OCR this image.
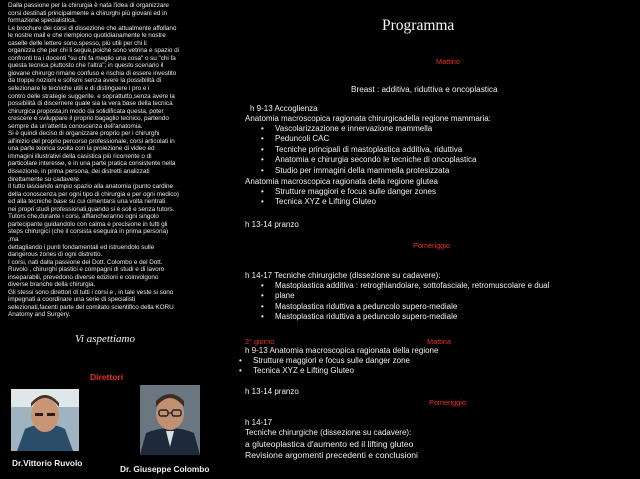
Dalla passione per la chirurgia è nata l'idea di organizzare
corsi destinati principalmente a chirurghi più giovani ed in
formazione specialistica.
Le brochure dei corsi di dissezione che attualmente affollano
le nostre mail e che riempiono quotidianamente le nostre
caselle delle lettere sono,spesso, più utili per chi li
organizza che per chi li segue,poichè sono vetrina e spazio di
confronti tra i docenti "su chi fa meglio una cosa" o su "chi fa
questa tecnica piuttosto che l'altra"; in questo scenario il
giovane chirurgo rimane confuso e rischia di essere investito
da troppe nozioni e sofismi senza avere la possibilità di
selezionare le tecniche utili e di distinguere i pro e i
contro delle strategie suggerite. e soprattutto,senza avere la
possibilità di discernere quale sia la vera base della tecnica
chirurgica proposta,in modo da solidificata questa, poter
crescere e sviluppare il proprio bagaglio tecnico, partendo
sempre da un'attenta conoscenza dell'anatomia.
Si è quindi deciso di organizzare proprio per i chirurghi
all'inizio del proprio percorso professionale, corsi articolati in
una parte teorica svolta con la proiezione di video ed
immagini illustrativi della casistica più ricorrente o di
particolare interesse, e in una parte pratica consistente nella
dissezione, in prima persona, dei distretti analizzati
direttamente su cadavere.
Il tutto lasciando ampio spazio alla anatomia (punto cardine
della conoscenza per ogni tipo di chirurgia e per ogni medico)
ed alla tecniche base su cui cimentarsi una volta rientrati
nei propri studi professionali,quando si è soli e senza tutors.
Tutors che,durante i corsi, affiancheranno ogni singolo
partecipante guidandolo con calma e precisione in tutti gli
steps chirurgici (che il corsista eseguirà in prima persona)
,ma
dettagliando i punti fondamentali ed istruendolo sulle
dangerous zones di ogni distretto.
I corsi, nati dalla passione del Dott. Colombo e del Dott.
Ruvolo , chirurghi plastici e compagni di studi e di lavoro
inseparabili, prevedono diverse edizioni e coinvolgono
diverse branche della chirurgia.
Gli stessi sono direttori di tutti i corsi e , in tale veste si sono
impegnati a coordinare una serie di specialisti
selezionati,facenti parte del comitato scientifico della KORU
Anatomy and Surgery.
Vi aspettiamo
Direttori
Dr.Vittorio Ruvolo
Dr. Giuseppe Colombo
Programma
Mattino
Breast : additiva, riduttiva e oncoplastica
h 9-13 Accoglienza
Anatomia macroscopica ragionata chirurgicadella regione mammaria:
• Vascolarizzazione e innervazione mammella
• Peduncoli CAC
• Tecniche principali di mastoplastica additiva, riduttiva
• Anatomia e chirurgia secondo le tecniche di oncoplastica
• Studio per immagini della mammella protesizzata
Anatomia macroscopica ragionata della regione glutea
• Strutture maggiori e focus sulle danger zones
• Tecnica XYZ e Lifting Gluteo
h 13-14 pranzo
Pomeriggio
h 14-17 Tecniche chirurgiche (dissezione su cadavere):
• Mastoplastica additiva : retroghiandolare, sottofasciale, retromuscolare e dual
• plane
• Mastoplastica riduttiva a peduncolo supero-mediale
• Mastoplastica riduttiva a peduncolo supero-mediale
2° giorno	Mattina
h 9-13 Anatomia macroscopica ragionata della regione
• Strutture maggiori e focus sulle danger zone
• Tecnica XYZ e Lifting Gluteo
h 13-14 pranzo
Pomeriggio
h 14-17
Tecniche chirurgiche (dissezione su cadavere):
a gluteoplastica d'aumento ed il lifting gluteo
Revisione argomenti precedenti e conclusioni
